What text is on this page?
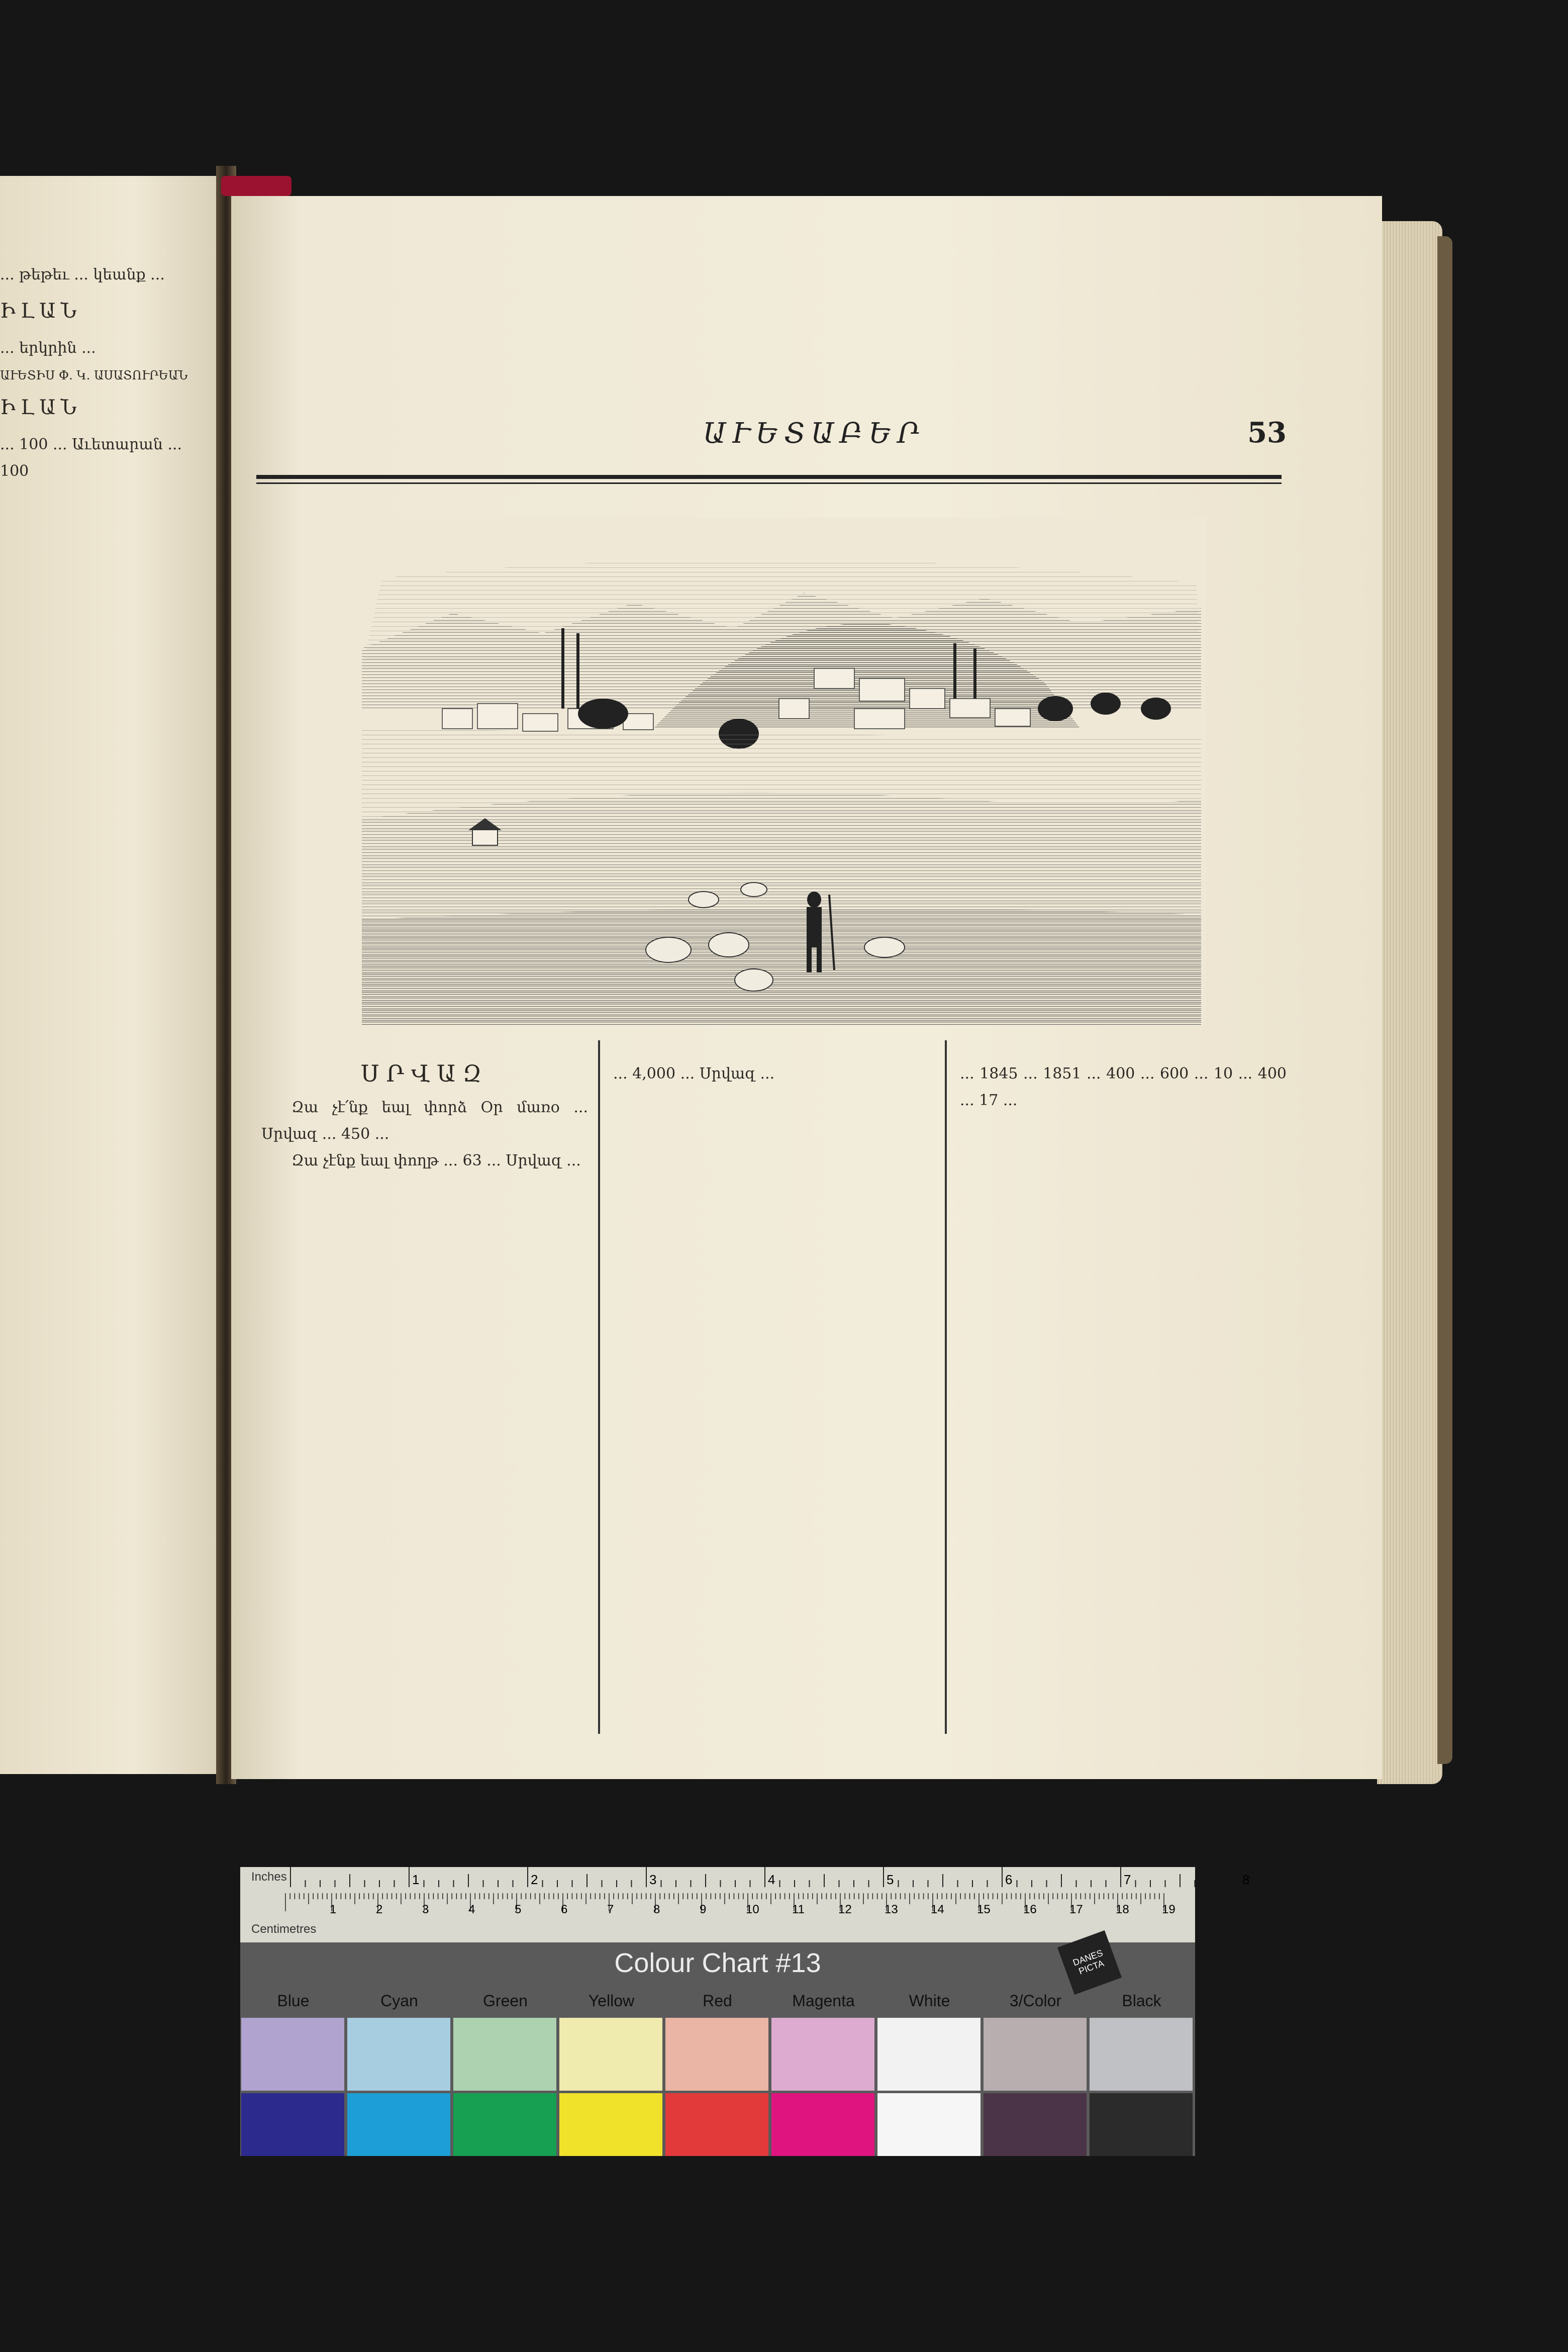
... թեթեւ ... կեանք ...

ԻԼԱՆ

... երկրին ...

ԱՒԵՏԻՍ Փ. Կ. ԱՍԱՏՈՒՐԵԱՆ
ԻԼԱՆ

... 100 ... Աւետարան ...

100

ԱՒԵՏԱԲԵՐ	53
ՍՐՎԱԶ

Զա չէ՛նք եալ փորձ Օր մառօ ... Սրվազ ... 450 ...

Զա չէնք եալ փողթ ... 63 ... Սրվազ ...

... 4,000 ... Սրվազ ...	... 1845 ... 1851 ... 400 ... 600 ... 10 ... 400 ... 17 ...

Inches
Centimetres
1	2	3	4	5	6	7	8
1	2	3	4	5	6	7	8	9	10	11	12	13	14	15	16	17	18	19
Colour Chart #13	DANES PICTA
Blue	Cyan	Green	Yellow	Red	Magenta	White	3/Color	Black
